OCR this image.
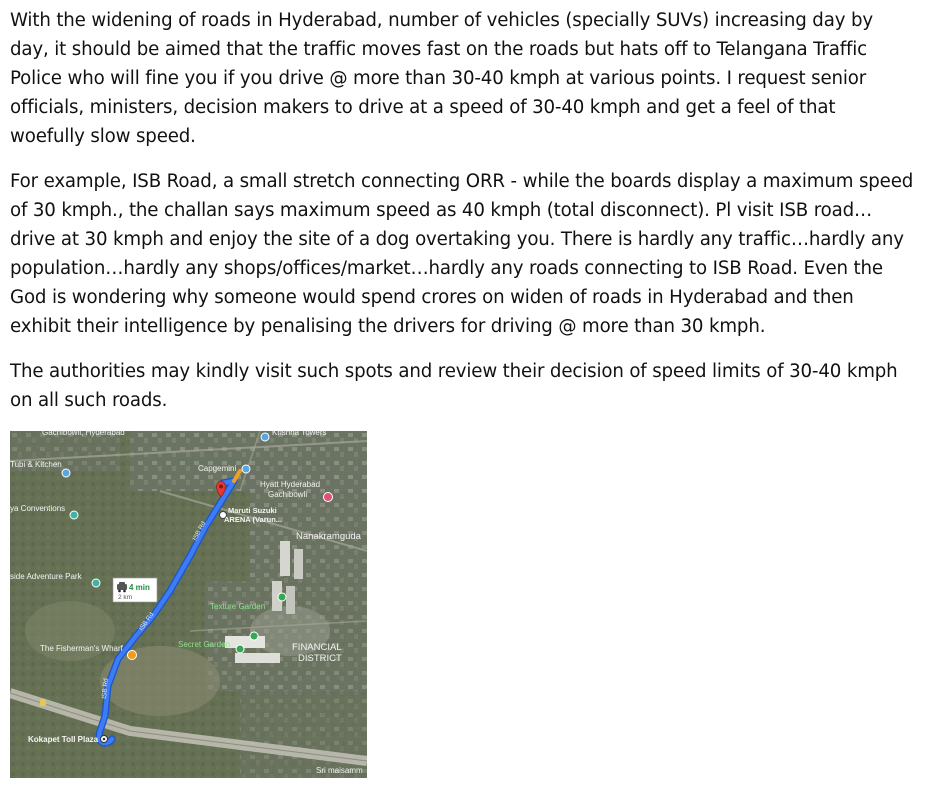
With the widening of roads in Hyderabad, number of vehicles (specially SUVs) increasing day by day, it should be aimed that the traffic moves fast on the roads but hats off to Telangana Traffic Police who will fine you if you drive @ more than 30-40 kmph at various points. I request senior officials, ministers, decision makers to drive at a speed of 30-40 kmph and get a feel of that woefully slow speed.

For example, ISB Road, a small stretch connecting ORR - while the boards display a maximum speed of 30 kmph., the challan says maximum speed as 40 kmph (total disconnect). Pl visit ISB road…drive at 30 kmph and enjoy the site of a dog overtaking you. There is hardly any traffic…hardly any population…hardly any shops/offices/market…hardly any roads connecting to ISB Road. Even the God is wondering why someone would spend crores on widen of roads in Hyderabad and then exhibit their intelligence by penalising the drivers for driving @ more than 30 kmph.

The authorities may kindly visit such spots and review their decision of speed limits of 30-40 kmph on all such roads.

ISB Rd
ISB Rd
ISB Rd
Gachibowli, Hyderabad	Krishna Towers
Tubi & Kitchen
ya Conventions
side Adventure Park
Capgemini
Hyatt Hyderabad
Gachibowli
Maruti Suzuki
ARENA (Varun...
Nanakramguda
Texture Garden
Secret Garden
The Fisherman's Wharf	FINANCIAL
DISTRICT
Kokapet Toll Plaza
Sri maisamm
4 min
2 km
